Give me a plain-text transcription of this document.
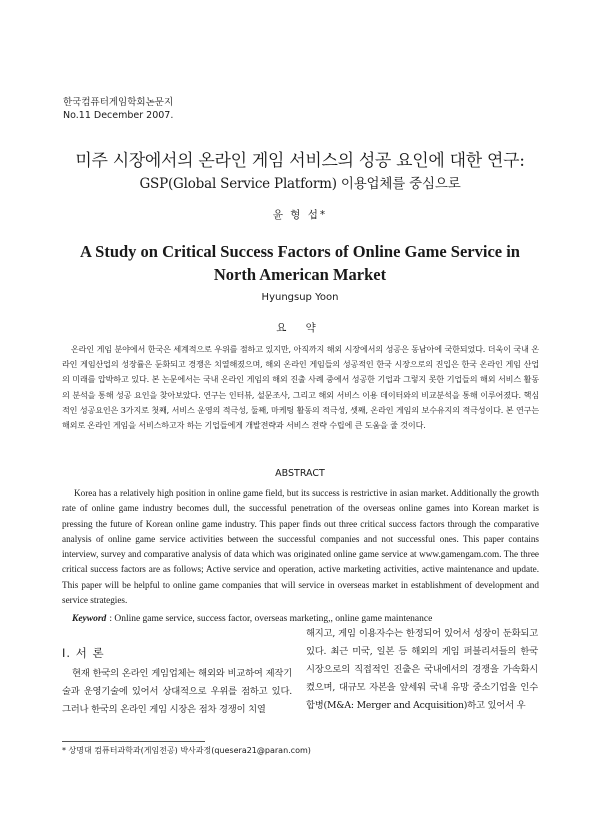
한국컴퓨터게임학회논문지
No.11 December 2007.
미주 시장에서의 온라인 게임 서비스의 성공 요인에 대한 연구:
GSP(Global Service Platform) 이용업체를 중심으로
윤 형 섭*
A Study on Critical Success Factors of Online Game Service in North American Market
Hyungsup Yoon
요 약
온라인 게임 분야에서 한국은 세계적으로 우위를 점하고 있지만, 아직까지 해외 시장에서의 성공은 동남아에 국한되었다. 더욱이 국내 온라인 게임산업의 성장률은 둔화되고 경쟁은 치열해졌으며, 해외 온라인 게임들의 성공적인 한국 시장으로의 진입은 한국 온라인 게임 산업의 미래를 압박하고 있다. 본 논문에서는 국내 온라인 게임의 해외 진출 사례 중에서 성공한 기업과 그렇지 못한 기업들의 해외 서비스 활동의 분석을 통해 성공 요인을 찾아보았다. 연구는 인터뷰, 설문조사, 그리고 해외 서비스 이용 데이터와의 비교분석을 통해 이루어졌다. 핵심적인 성공요인은 3가지로 첫째, 서비스 운영의 적극성, 둘째, 마케팅 활동의 적극성, 셋째, 온라인 게임의 보수유지의 적극성이다. 본 연구는 해외로 온라인 게임을 서비스하고자 하는 기업들에게 개발전략과 서비스 전략 수립에 큰 도움을 줄 것이다.
ABSTRACT
Korea has a relatively high position in online game field, but its success is restrictive in asian market. Additionally the growth rate of online game industry becomes dull, the successful penetration of the overseas online games into Korean market is pressing the future of Korean online game industry. This paper finds out three critical success factors through the comparative analysis of online game service activities between the successful companies and not successful ones. This paper contains interview, survey and comparative analysis of data which was originated online game service at www.gamengam.com. The three critical success factors are as follows; Active service and operation, active marketing activities, active maintenance and update. This paper will be helpful to online game companies that will service in overseas market in establishment of development and service strategies.
Keyword : Online game service, success factor, overseas marketing,, online game maintenance
Ⅰ. 서 론
현재 한국의 온라인 게임업체는 해외와 비교하여 제작기술과 운영기술에 있어서 상대적으로 우위를 점하고 있다. 그러나 한국의 온라인 게임 시장은 점차 경쟁이 치열
해지고, 게임 이용자수는 한정되어 있어서 성장이 둔화되고 있다. 최근 미국, 일본 등 해외의 게임 퍼블리셔들의 한국 시장으로의 직접적인 진출은 국내에서의 경쟁을 가속화시켰으며, 대규모 자본을 앞세워 국내 유망 중소기업을 인수합병(M&A: Merger and Acquisition)하고 있어서 우
* 상명대 컴퓨터과학과(게임전공) 박사과정(quesera21@paran.com)
